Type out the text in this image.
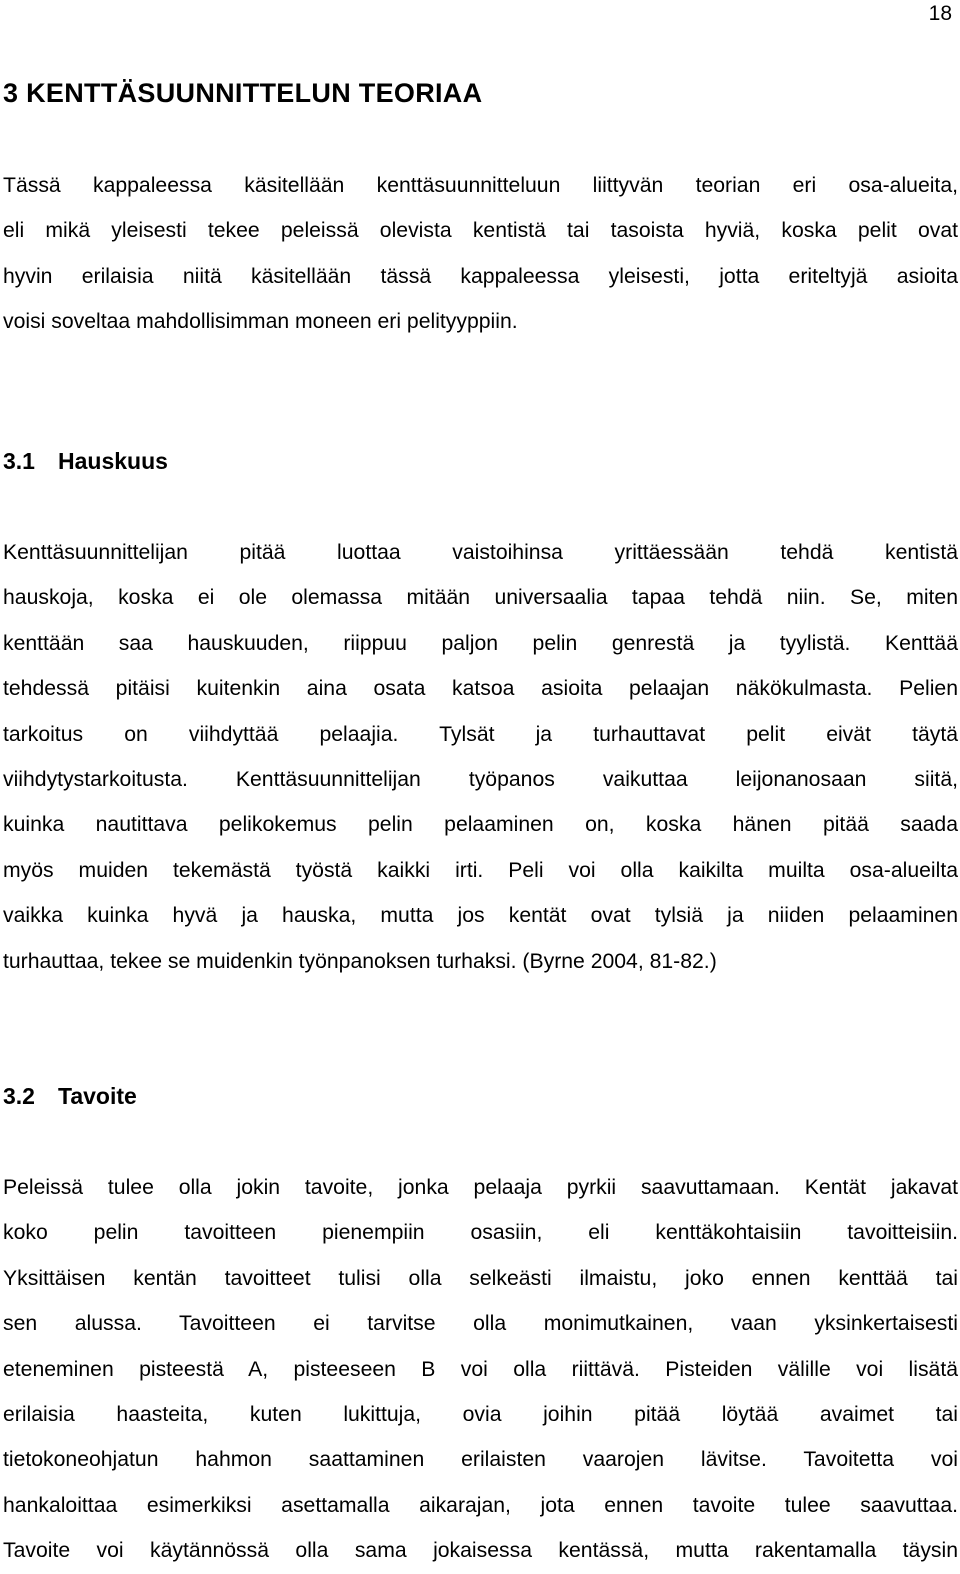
18
3 KENTTÄSUUNNITTELUN TEORIAA
Tässä kappaleessa käsitellään kenttäsuunnitteluun liittyvän teorian eri osa-alueita,
eli mikä yleisesti tekee peleissä olevista kentistä tai tasoista hyviä, koska pelit ovat
hyvin erilaisia niitä käsitellään tässä kappaleessa yleisesti, jotta eriteltyjä asioita
voisi soveltaa mahdollisimman moneen eri pelityyppiin.
3.1 Hauskuus
Kenttäsuunnittelijan pitää luottaa vaistoihinsa yrittäessään tehdä kentistä
hauskoja, koska ei ole olemassa mitään universaalia tapaa tehdä niin. Se, miten
kenttään saa hauskuuden, riippuu paljon pelin genrestä ja tyylistä. Kenttää
tehdessä pitäisi kuitenkin aina osata katsoa asioita pelaajan näkökulmasta. Pelien
tarkoitus on viihdyttää pelaajia. Tylsät ja turhauttavat pelit eivät täytä
viihdytystarkoitusta. Kenttäsuunnittelijan työpanos vaikuttaa leijonanosaan siitä,
kuinka nautittava pelikokemus pelin pelaaminen on, koska hänen pitää saada
myös muiden tekemästä työstä kaikki irti. Peli voi olla kaikilta muilta osa-alueilta
vaikka kuinka hyvä ja hauska, mutta jos kentät ovat tylsiä ja niiden pelaaminen
turhauttaa, tekee se muidenkin työnpanoksen turhaksi. (Byrne 2004, 81-82.)
3.2 Tavoite
Peleissä tulee olla jokin tavoite, jonka pelaaja pyrkii saavuttamaan. Kentät jakavat
koko pelin tavoitteen pienempiin osasiin, eli kenttäkohtaisiin tavoitteisiin.
Yksittäisen kentän tavoitteet tulisi olla selkeästi ilmaistu, joko ennen kenttää tai
sen alussa. Tavoitteen ei tarvitse olla monimutkainen, vaan yksinkertaisesti
eteneminen pisteestä A, pisteeseen B voi olla riittävä. Pisteiden välille voi lisätä
erilaisia haasteita, kuten lukittuja, ovia joihin pitää löytää avaimet tai
tietokoneohjatun hahmon saattaminen erilaisten vaarojen lävitse. Tavoitetta voi
hankaloittaa esimerkiksi asettamalla aikarajan, jota ennen tavoite tulee saavuttaa.
Tavoite voi käytännössä olla sama jokaisessa kentässä, mutta rakentamalla täysin
